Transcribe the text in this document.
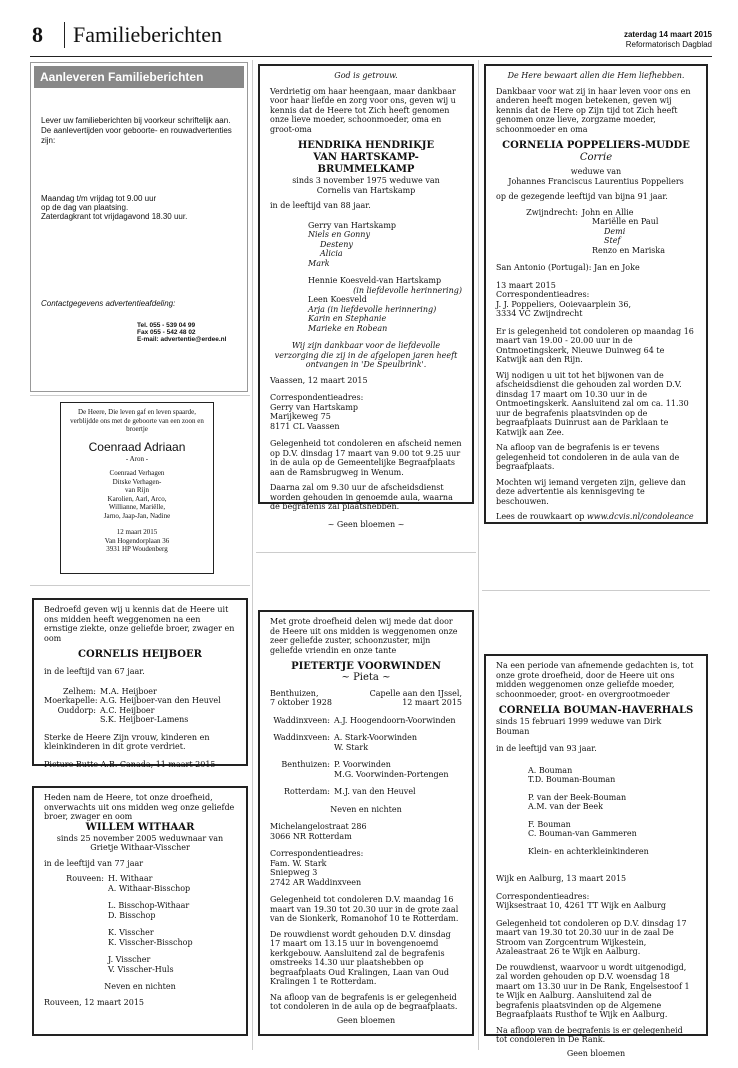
8	Familieberichten	zaterdag 14 maart 2015
Reformatorisch Dagblad
Aanleveren Familieberichten

Lever uw familieberichten bij voorkeur schriftelijk aan. De aanlevertijden voor geboorte- en rouwadvertenties zijn:

Maandag t/m vrijdag tot 9.00 uur

op de dag van plaatsing.

Zaterdagkrant tot vrijdagavond 18.30 uur.

Contactgegevens advertentieafdeling:

Tel. 055 - 539 04 99

Fax 055 - 542 48 02

E-mail: advertentie@erdee.nl

De Heere, Die leven gaf en leven spaarde, verblijdde ons met de geboorte van een zoon en broertje

Coenraad Adriaan

- Aron -

Coenraad Verhagen

Ditske Verhagen-

van Rijn

Karolien, Aarl, Arco,

Willianne, Mariëlle,

Jarno, Jaap-Jan, Nadine

12 maart 2015

Van Hogendorplaan 36

3931 HP Woudenberg

Bedroefd geven wij u kennis dat de Heere uit ons midden heeft weggenomen na een ernstige ziekte, onze geliefde broer, zwager en oom

CORNELIS HEIJBOER

in de leeftijd van 67 jaar.

Zelhem: M.A. Heijboer
Moerkapelle: A.G. Heijboer-van den Heuvel
Ouddorp: A.C. Heijboer
S.K. Heijboer-Lamens

Sterke de Heere Zijn vrouw, kinderen en kleinkinderen in dit grote verdriet.

Picture Butte A.B. Canada, 11 maart 2015

Heden nam de Heere, tot onze droefheid, onverwachts uit ons midden weg onze geliefde broer, zwager en oom

WILLEM WITHAAR

sinds 25 november 2005 weduwnaar van

Grietje Withaar-Visscher

in de leeftijd van 77 jaar

Rouveen: H. Withaar

A. Withaar-Bisschop

L. Bisschop-Withaar

D. Bisschop

K. Visscher

K. Visscher-Bisschop

J. Visscher

V. Visscher-Huls

Neven en nichten

Rouveen, 12 maart 2015

God is getrouw.

Verdrietig om haar heengaan, maar dankbaar voor haar liefde en zorg voor ons, geven wij u kennis dat de Heere tot Zich heeft genomen onze lieve moeder, schoonmoeder, oma en groot-oma

HENDRIKA HENDRIKJE

VAN HARTSKAMP-BRUMMELKAMP

sinds 3 november 1975 weduwe van

Cornelis van Hartskamp

in de leeftijd van 88 jaar.

Gerry van Hartskamp

Niels en Gonny

Desteny

Alicia

Mark

Hennie Koesveld-van Hartskamp

(in liefdevolle herinnering)

Leen Koesveld

Arja (in liefdevolle herinnering)

Karin en Stephanie

Marieke en Robean

Wij zijn dankbaar voor de liefdevolle verzorging die zij in de afgelopen jaren heeft ontvangen in 'De Speulbrink'.

Vaassen, 12 maart 2015

Correspondentieadres:

Gerry van Hartskamp

Marijkeweg 75

8171 CL Vaassen

Gelegenheid tot condoleren en afscheid nemen op D.V. dinsdag 17 maart van 9.00 tot 9.25 uur in de aula op de Gemeentelijke Begraafplaats aan de Ramsbrugweg in Wenum.

Daarna zal om 9.30 uur de afscheidsdienst worden gehouden in genoemde aula, waarna de begrafenis zal plaatshebben.

~ Geen bloemen ~

Met grote droefheid delen wij mede dat door de Heere uit ons midden is weggenomen onze zeer geliefde zuster, schoonzuster, mijn geliefde vriendin en onze tante

PIETERTJE VOORWINDEN

~ Pieta ~

Benthuizen,

7 oktober 1928

Capelle aan den IJssel,

12 maart 2015

Waddinxveen: A.J. Hoogendoorn-Voorwinden
Waddinxveen: A. Stark-Voorwinden

W. Stark

Benthuizen: P. Voorwinden

M.G. Voorwinden-Portengen

Rotterdam: M.J. van den Heuvel

Neven en nichten

Michelangelostraat 286

3066 NR Rotterdam

Correspondentieadres:

Fam. W. Stark

Sniepweg 3

2742 AR Waddinxveen

Gelegenheid tot condoleren D.V. maandag 16 maart van 19.30 tot 20.30 uur in de grote zaal van de Sionkerk, Romanohof 10 te Rotterdam.

De rouwdienst wordt gehouden D.V. dinsdag 17 maart om 13.15 uur in bovengenoemd kerkgebouw. Aansluitend zal de begrafenis omstreeks 14.30 uur plaatshebben op begraafplaats Oud Kralingen, Laan van Oud Kralingen 1 te Rotterdam.

Na afloop van de begrafenis is er gelegenheid tot condoleren in de aula op de begraafplaats.

Geen bloemen

De Here bewaart allen die Hem liefhebben.

Dankbaar voor wat zij in haar leven voor ons en anderen heeft mogen betekenen, geven wij kennis dat de Here op Zijn tijd tot Zich heeft genomen onze lieve, zorgzame moeder, schoonmoeder en oma

CORNELIA POPPELIERS-MUDDE

Corrie

weduwe van

Johannes Franciscus Laurentius Poppeliers

op de gezegende leeftijd van bijna 91 jaar.

Zwijndrecht: John en Allie

Mariëlle en Paul

Demi

Stef

Renzo en Mariska

San Antonio (Portugal): Jan en Joke

13 maart 2015

Correspondentieadres:

J. J. Poppeliers, Ooievaarplein 36,

3334 VC Zwijndrecht

Er is gelegenheid tot condoleren op maandag 16 maart van 19.00 - 20.00 uur in de Ontmoetingskerk, Nieuwe Duinweg 64 te Katwijk aan den Rijn.

Wij nodigen u uit tot het bijwonen van de afscheidsdienst die gehouden zal worden D.V. dinsdag 17 maart om 10.30 uur in de Ontmoetingskerk. Aansluitend zal om ca. 11.30 uur de begrafenis plaatsvinden op de begraafplaats Duinrust aan de Parklaan te Katwijk aan Zee.

Na afloop van de begrafenis is er tevens gelegenheid tot condoleren in de aula van de begraafplaats.

Mochten wij iemand vergeten zijn, gelieve dan deze advertentie als kennisgeving te beschouwen.

Lees de rouwkaart op www.dcvis.nl/condoleance

Na een periode van afnemende gedachten is, tot onze grote droefheid, door de Heere uit ons midden weggenomen onze geliefde moeder, schoonmoeder, groot- en overgrootmoeder

CORNELIA BOUMAN-HAVERHALS

sinds 15 februari 1999 weduwe van Dirk Bouman

in de leeftijd van 93 jaar.

A. Bouman

T.D. Bouman-Bouman

P. van der Beek-Bouman

A.M. van der Beek

F. Bouman

C. Bouman-van Gammeren

Klein- en achterkleinkinderen

Wijk en Aalburg, 13 maart 2015

Correspondentieadres:

Wijksestraat 10, 4261 TT Wijk en Aalburg

Gelegenheid tot condoleren op D.V. dinsdag 17 maart van 19.30 tot 20.30 uur in de zaal De Stroom van Zorgcentrum Wijkestein, Azaleastraat 26 te Wijk en Aalburg.

De rouwdienst, waarvoor u wordt uitgenodigd, zal worden gehouden op D.V. woensdag 18 maart om 13.30 uur in De Rank, Engelsestoof 1 te Wijk en Aalburg. Aansluitend zal de begrafenis plaatsvinden op de Algemene Begraafplaats Rusthof te Wijk en Aalburg.

Na afloop van de begrafenis is er gelegenheid tot condoleren in De Rank.

Geen bloemen
